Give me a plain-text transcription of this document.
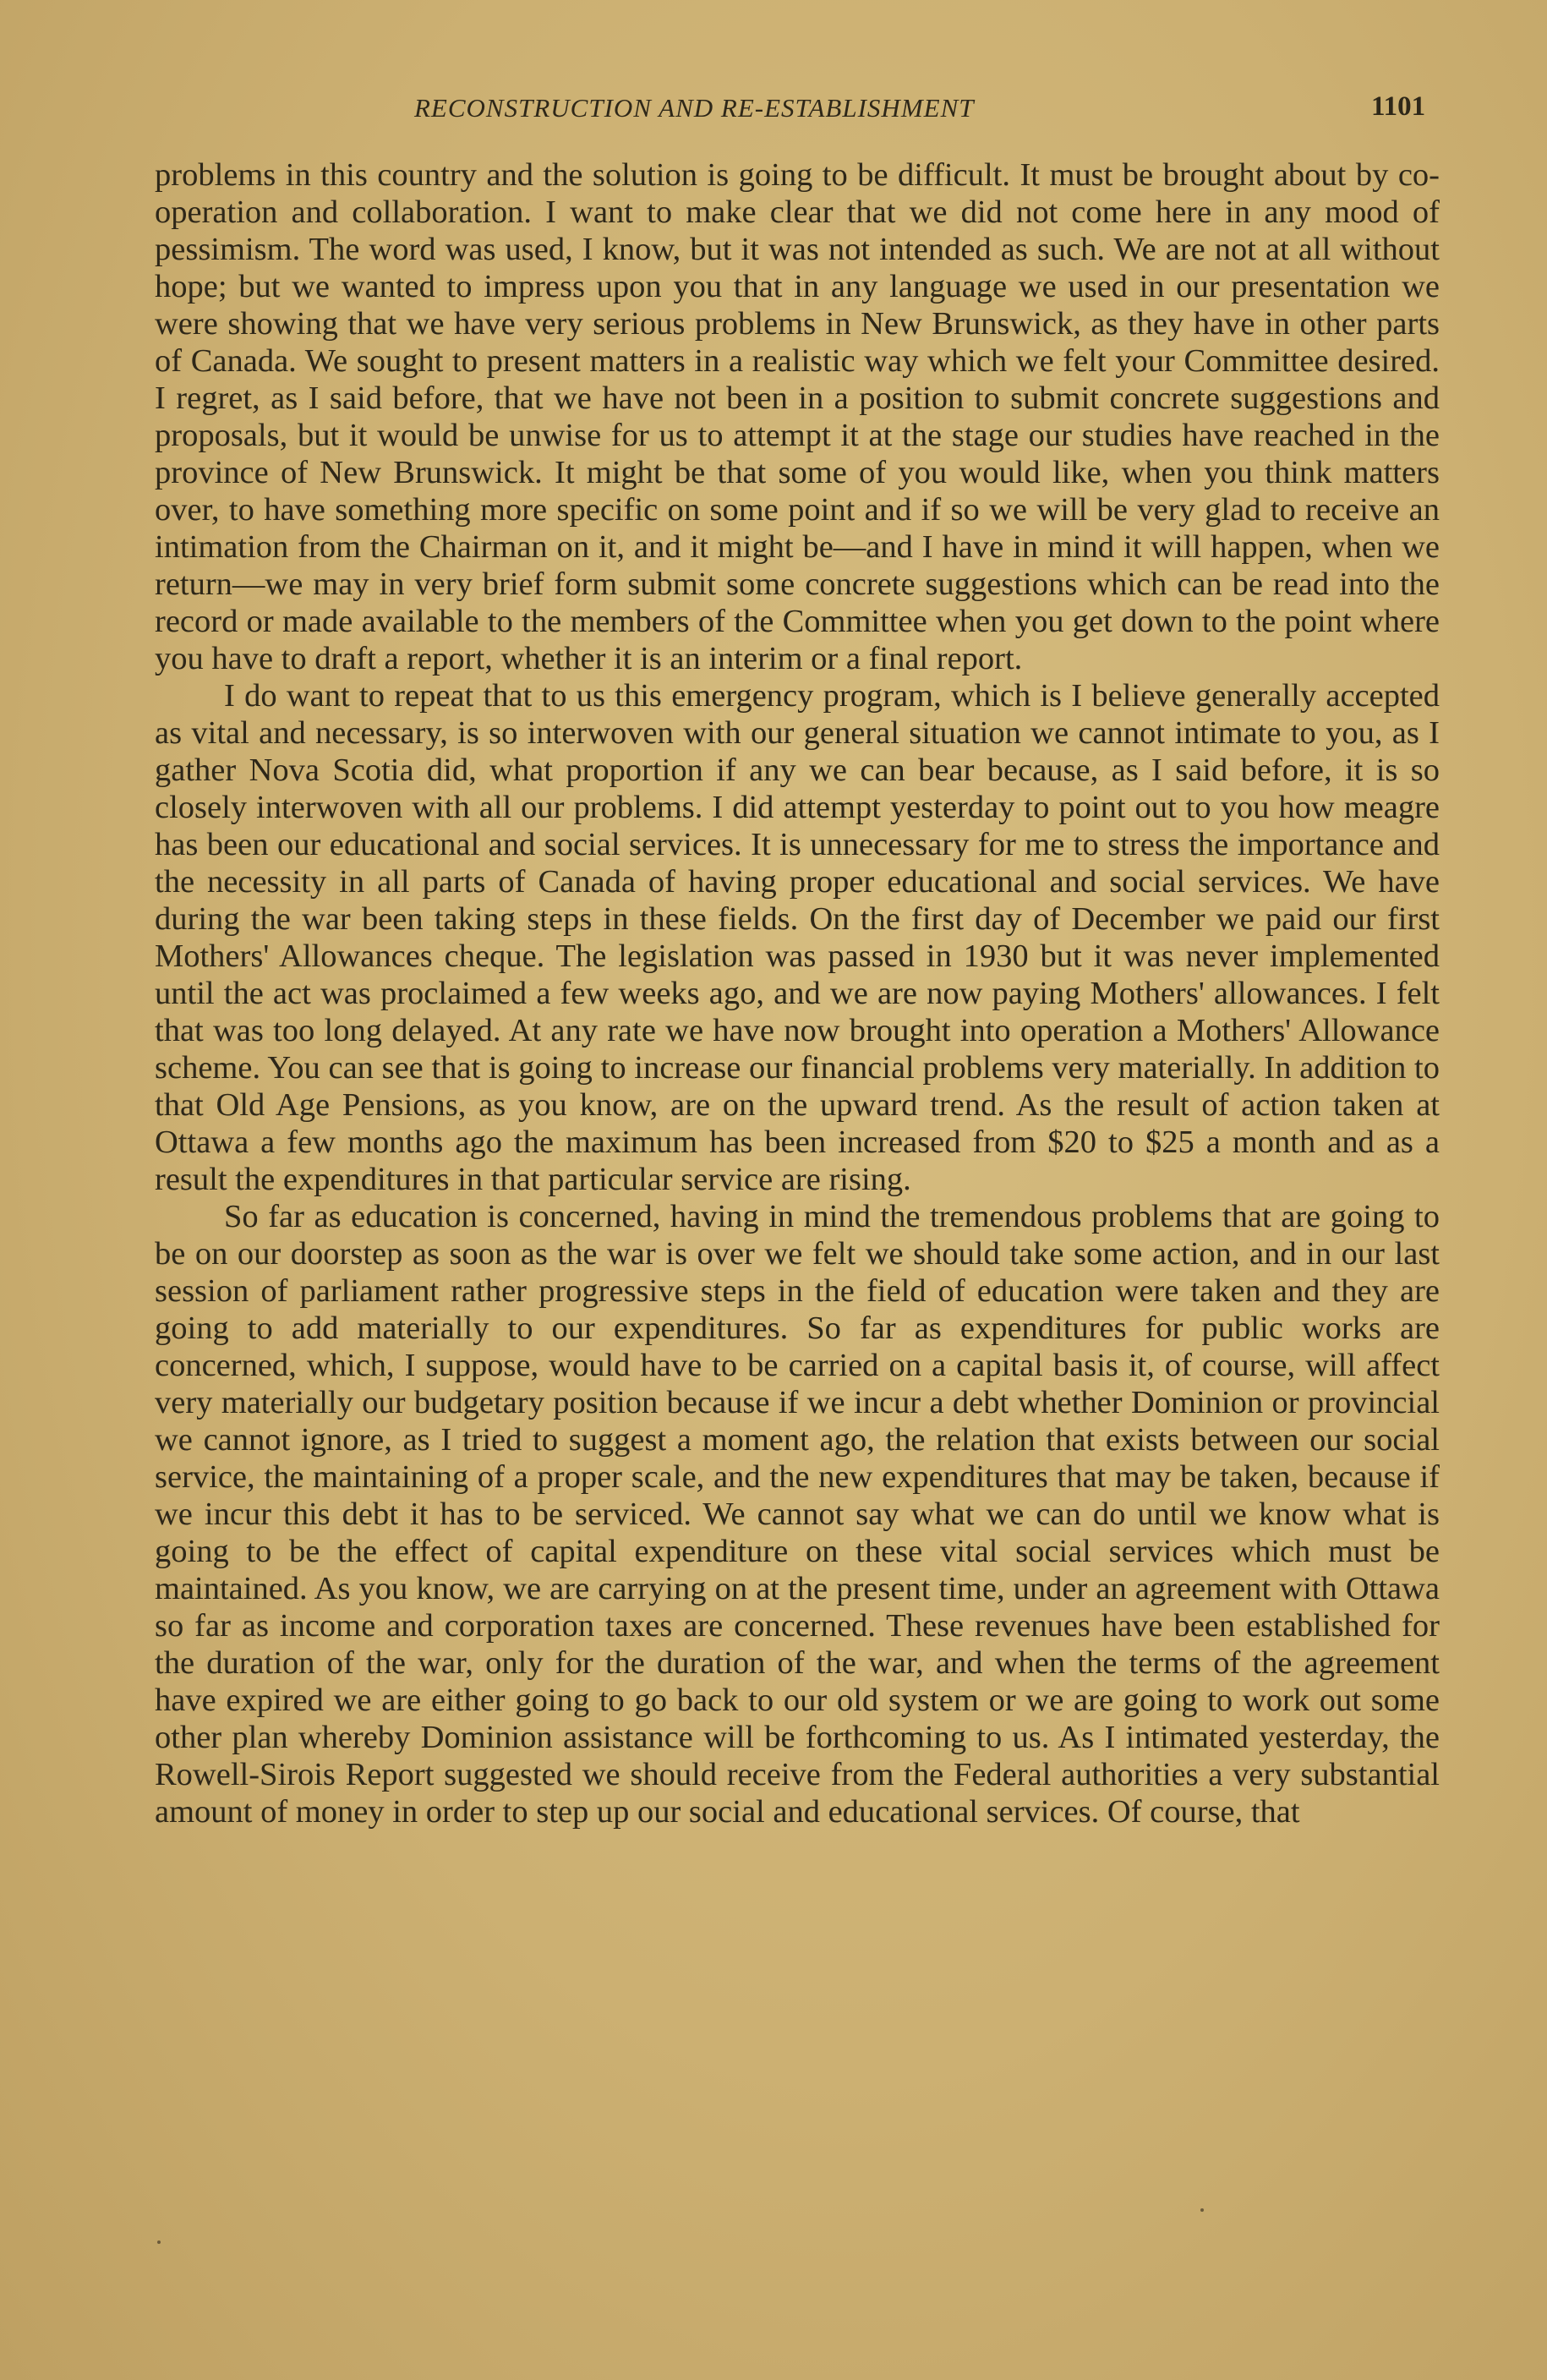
RECONSTRUCTION AND RE-ESTABLISHMENT	1101

problems in this country and the solution is going to be difficult. It must be brought about by co-operation and collaboration. I want to make clear that we did not come here in any mood of pessimism. The word was used, I know, but it was not intended as such. We are not at all without hope; but we wanted to impress upon you that in any language we used in our presentation we were showing that we have very serious problems in New Brunswick, as they have in other parts of Canada. We sought to present matters in a realistic way which we felt your Committee desired. I regret, as I said before, that we have not been in a position to submit concrete suggestions and proposals, but it would be unwise for us to attempt it at the stage our studies have reached in the province of New Brunswick. It might be that some of you would like, when you think matters over, to have something more specific on some point and if so we will be very glad to receive an intimation from the Chairman on it, and it might be—and I have in mind it will happen, when we return—we may in very brief form submit some concrete suggestions which can be read into the record or made available to the members of the Committee when you get down to the point where you have to draft a report, whether it is an interim or a final report.

I do want to repeat that to us this emergency program, which is I believe generally accepted as vital and necessary, is so interwoven with our general situation we cannot intimate to you, as I gather Nova Scotia did, what proportion if any we can bear because, as I said before, it is so closely interwoven with all our problems. I did attempt yesterday to point out to you how meagre has been our educational and social services. It is unnecessary for me to stress the importance and the necessity in all parts of Canada of having proper educational and social services. We have during the war been taking steps in these fields. On the first day of December we paid our first Mothers' Allowances cheque. The legislation was passed in 1930 but it was never implemented until the act was proclaimed a few weeks ago, and we are now paying Mothers' allowances. I felt that was too long delayed. At any rate we have now brought into operation a Mothers' Allowance scheme. You can see that is going to increase our financial problems very materially. In addition to that Old Age Pensions, as you know, are on the upward trend. As the result of action taken at Ottawa a few months ago the maximum has been increased from $20 to $25 a month and as a result the expenditures in that particular service are rising.

So far as education is concerned, having in mind the tremendous problems that are going to be on our doorstep as soon as the war is over we felt we should take some action, and in our last session of parliament rather progressive steps in the field of education were taken and they are going to add materially to our expenditures. So far as expenditures for public works are concerned, which, I suppose, would have to be carried on a capital basis it, of course, will affect very materially our budgetary position because if we incur a debt whether Dominion or provincial we cannot ignore, as I tried to suggest a moment ago, the relation that exists between our social service, the maintaining of a proper scale, and the new expenditures that may be taken, because if we incur this debt it has to be serviced. We cannot say what we can do until we know what is going to be the effect of capital expenditure on these vital social services which must be maintained. As you know, we are carrying on at the present time, under an agreement with Ottawa so far as income and corporation taxes are concerned. These revenues have been established for the duration of the war, only for the duration of the war, and when the terms of the agreement have expired we are either going to go back to our old system or we are going to work out some other plan whereby Dominion assistance will be forthcoming to us. As I intimated yesterday, the Rowell-Sirois Report suggested we should receive from the Federal authorities a very substantial amount of money in order to step up our social and educational services. Of course, that
